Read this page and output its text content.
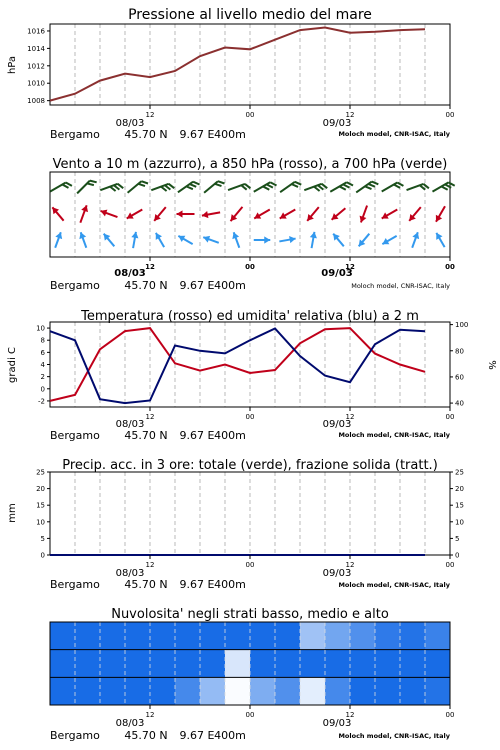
Pressione al livello medio del mare
hPa
1008
1010
1012
1014
1016
12	00	12	00
08/03	09/03
Bergamo 45.70 N 9.67 E 400m	Moloch model, CNR-ISAC, Italy
Vento a 10 m (azzurro), a 850 hPa (rosso), a 700 hPa (verde)
12	00	12	00
08/03	09/03
Bergamo 45.70 N 9.67 E 400m	Moloch model, CNR-ISAC, Italy
Temperatura (rosso) ed umidita' relativa (blu) a 2 m
gradi C	%
-2
0
2
4
6
8
10
40
60
80
100
12	00	12	00
08/03	09/03
Bergamo 45.70 N 9.67 E 400m	Moloch model, CNR-ISAC, Italy
Precip. acc. in 3 ore: totale (verde), frazione solida (tratt.)
mm
0
5
10
15
20
25
0
5
10
15
20
25
12	00	12	00
08/03	09/03
Bergamo 45.70 N 9.67 E 400m	Moloch model, CNR-ISAC, Italy
Nuvolosita' negli strati basso, medio e alto
12	00	12	00
08/03	09/03
Bergamo 45.70 N 9.67 E 400m	Moloch model, CNR-ISAC, Italy
